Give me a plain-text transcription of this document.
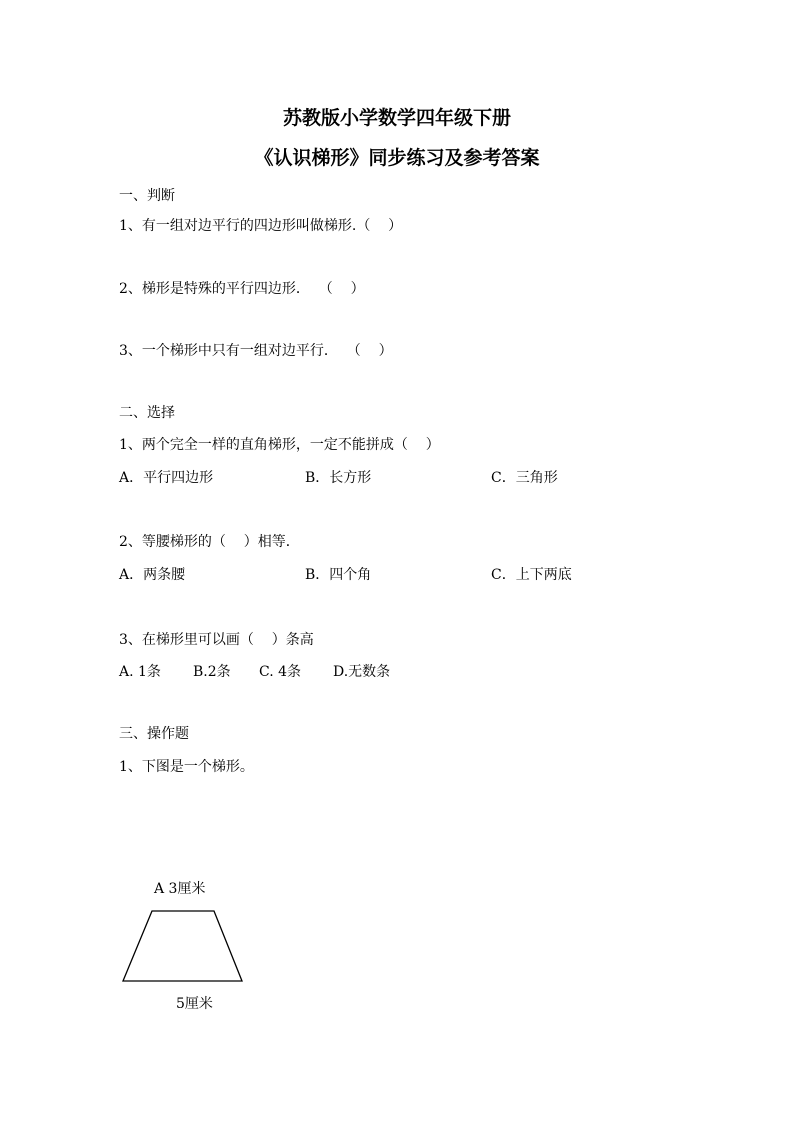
苏教版小学数学四年级下册
《认识梯形》同步练习及参考答案
一、判断
1、有一组对边平行的四边形叫做梯形.（    ）
2、梯形是特殊的平行四边形．  （    ）
3、一个梯形中只有一组对边平行．  （    ）
二、选择
1、两个完全一样的直角梯形，一定不能拼成（    ）
A．平行四边形	B．长方形	C．三角形
2、等腰梯形的（    ）相等．
A．两条腰	B．四个角	C．上下两底
3、在梯形里可以画（    ）条高
A. 1条 B.2条 C. 4条 D.无数条
三、操作题
1、下图是一个梯形。
A 3厘米
5厘米
